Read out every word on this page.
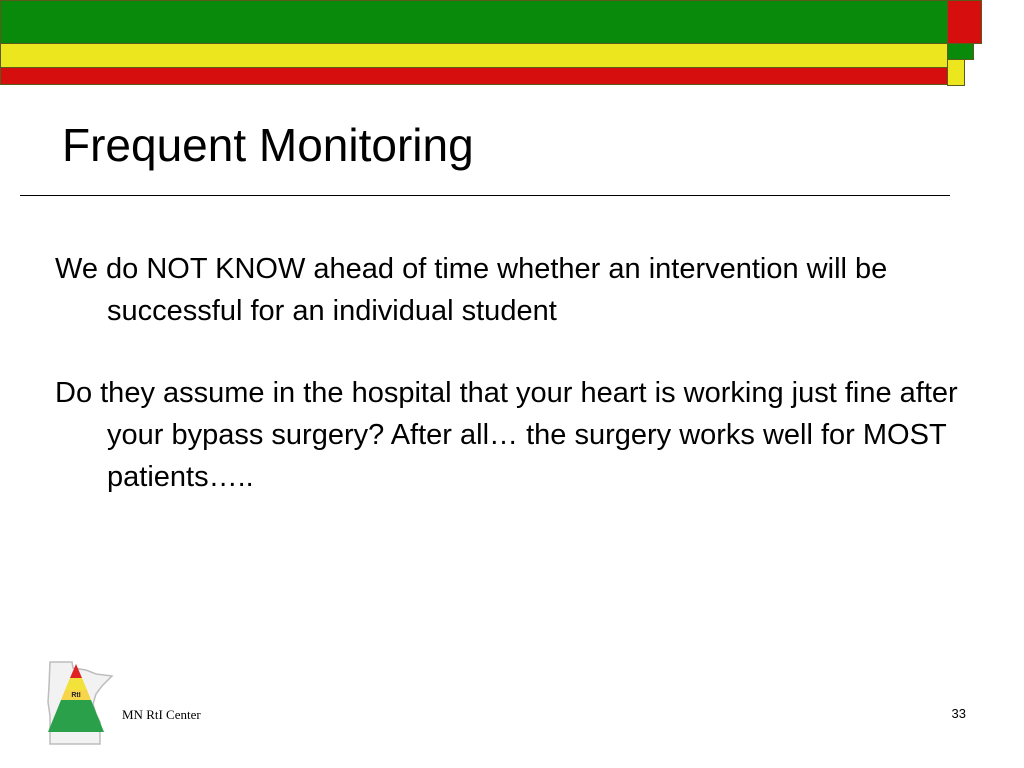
Frequent Monitoring

We do NOT KNOW ahead of time whether an intervention will be successful for an individual student

Do they assume in the hospital that your heart is working just fine after your bypass surgery? After all… the surgery works well for MOST patients…..

RtI
MN RtI Center	33
